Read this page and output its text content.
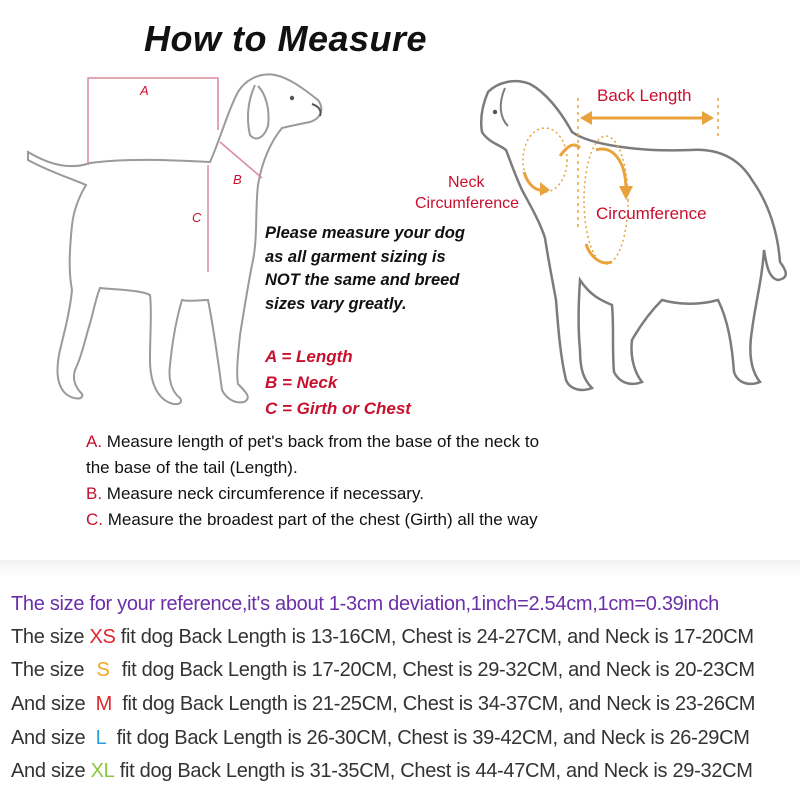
How to Measure
A
B
C
Back Length
Neck
Circumference
Circumference
Please measure your dog
as all garment sizing is
NOT the same and breed
sizes vary greatly.
A = Length
B = Neck
C = Girth or Chest
A. Measure length of pet's back from the base of the neck to
the base of the tail (Length).
B. Measure neck circumference if necessary.
C. Measure the broadest part of the chest (Girth) all the way
The size for your reference,it's about 1-3cm deviation,1inch=2.54cm,1cm=0.39inch
The size XS fit dog Back Length is 13-16CM, Chest is 24-27CM, and Neck is 17-20CM
The size S fit dog Back Length is 17-20CM, Chest is 29-32CM, and Neck is 20-23CM
And size M fit dog Back Length is 21-25CM, Chest is 34-37CM, and Neck is 23-26CM
And size L fit dog Back Length is 26-30CM, Chest is 39-42CM, and Neck is 26-29CM
And size XL fit dog Back Length is 31-35CM, Chest is 44-47CM, and Neck is 29-32CM
